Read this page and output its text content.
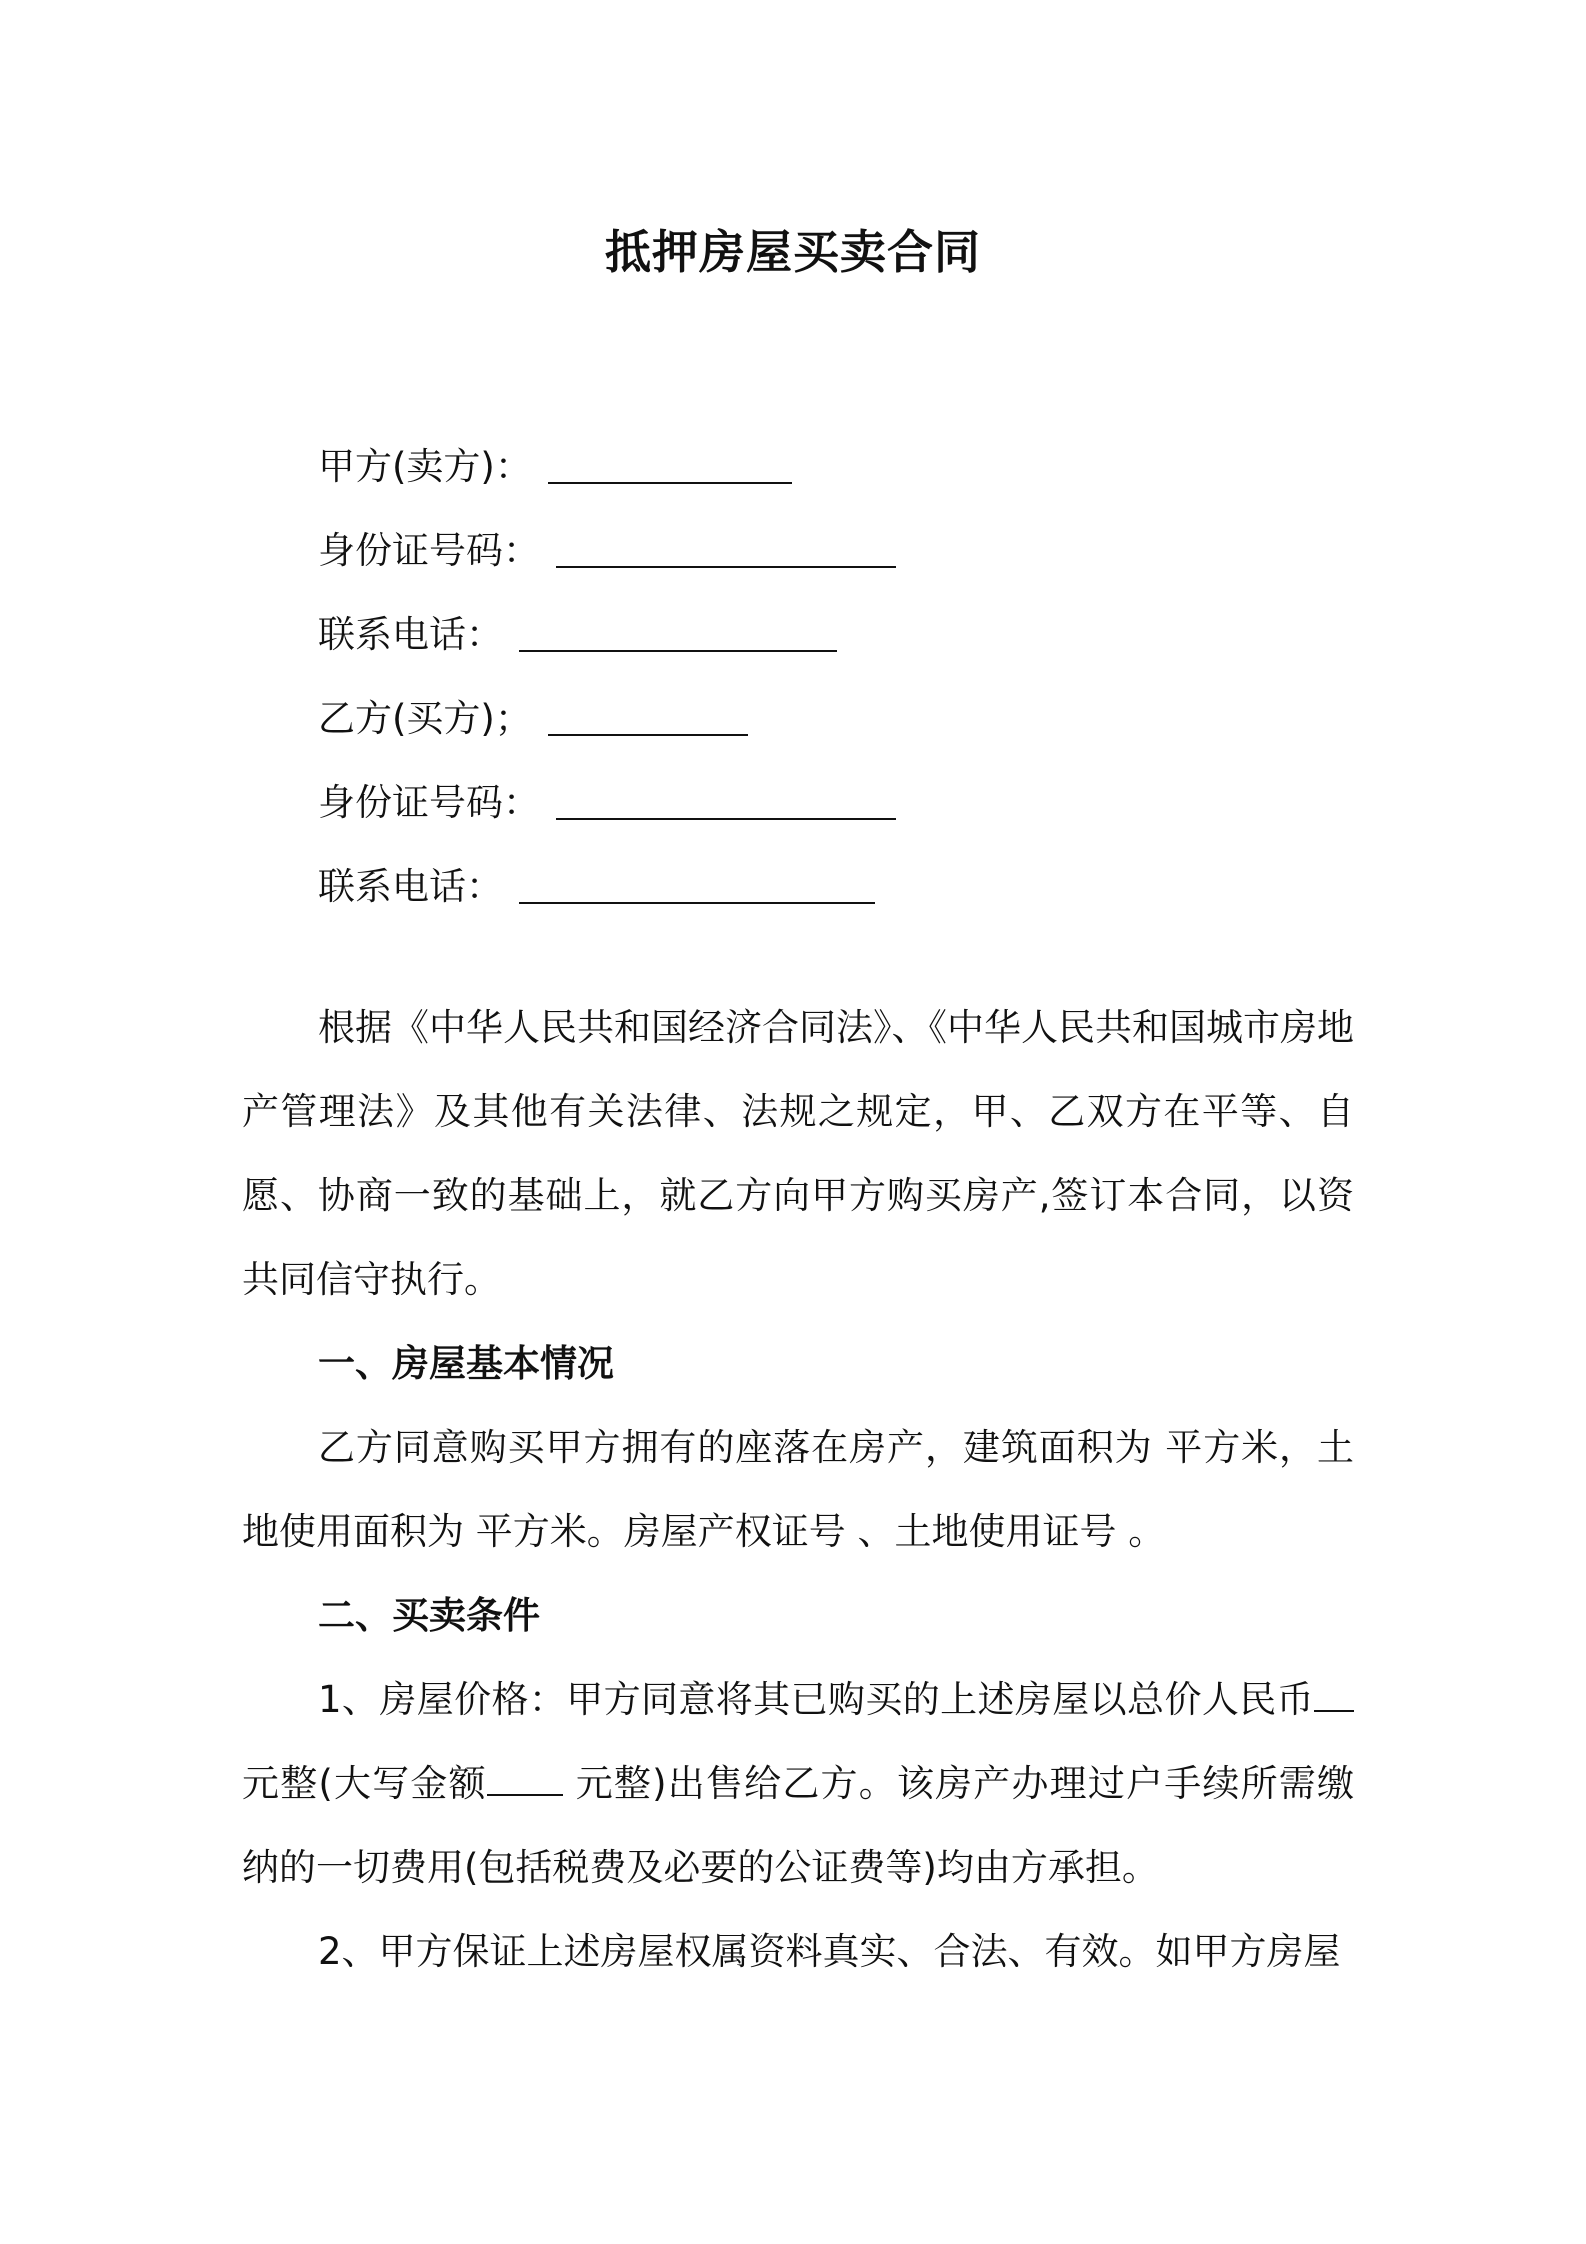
抵押房屋买卖合同
甲方(卖方)：
身份证号码：
联系电话：
乙方(买方)；
身份证号码：
联系电话：

根据《中华人民共和国经济合同法》、《中华人民共和国城市房地产管理法》及其他有关法律、法规之规定，甲、乙双方在平等、自愿、协商一致的基础上，就乙方向甲方购买房产,签订本合同，以资共同信守执行。

一、房屋基本情况

乙方同意购买甲方拥有的座落在房产，建筑面积为 平方米，土地使用面积为 平方米。房屋产权证号 、土地使用证号 。

二、买卖条件

1、房屋价格：甲方同意将其已购买的上述房屋以总价人民币元整(大写金额 元整)出售给乙方。该房产办理过户手续所需缴纳的一切费用(包括税费及必要的公证费等)均由方承担。

2、甲方保证上述房屋权属资料真实、合法、有效。如甲方房屋
